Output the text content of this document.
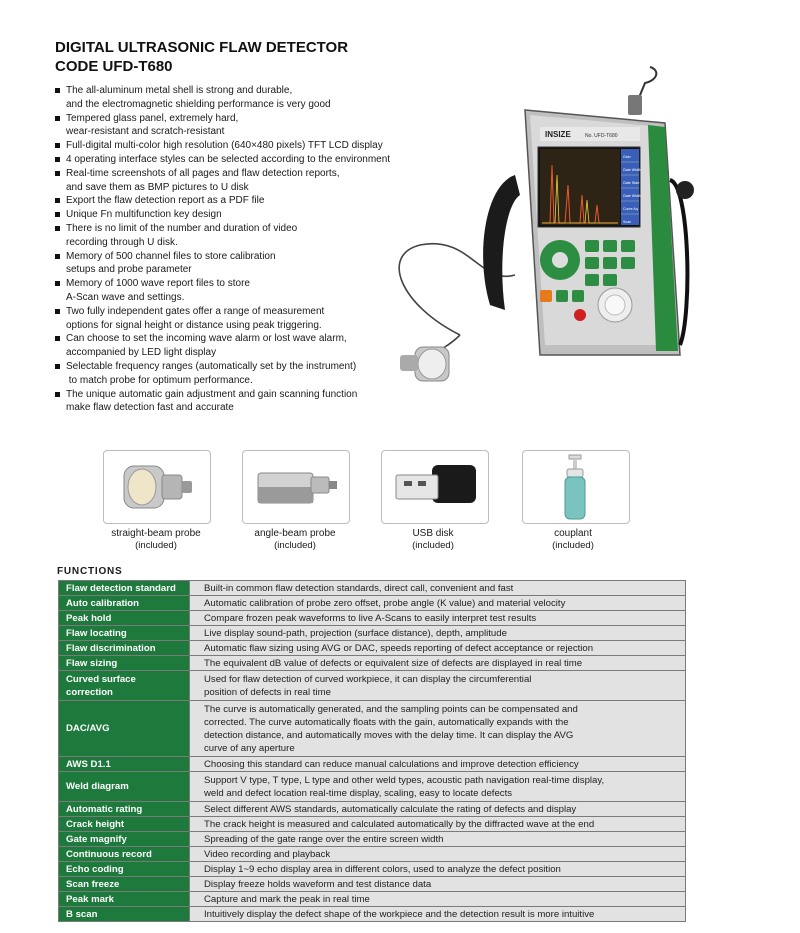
DIGITAL ULTRASONIC FLAW DETECTOR
CODE UFD-T680
The all-aluminum metal shell is strong and durable,
and the electromagnetic shielding performance is very good
Tempered glass panel, extremely hard,
wear-resistant and scratch-resistant
Full-digital multi-color high resolution (640×480 pixels) TFT LCD display
4 operating interface styles can be selected according to the environment
Real-time screenshots of all pages and flaw detection reports,
and save them as BMP pictures to U disk
Export the flaw detection report as a PDF file
Unique Fn multifunction key design
There is no limit of the number and duration of video
recording through U disk.
Memory of 500 channel files to store calibration
setups and probe parameter
Memory of 1000 wave report files to store
A-Scan wave and settings.
Two fully independent gates offer a range of measurement
options for signal height or distance using peak triggering.
Can choose to set the incoming wave alarm or lost wave alarm,
accompanied by LED light display
Selectable frequency ranges (automatically set by the instrument)
to match probe for optimum performance.
The unique automatic gain adjustment and gain scanning function
make flaw detection fast and accurate
INSIZE	No. UFD-T680
Gain
Gate Width
Gate Start
Gate Width
Curve Aq
Scan
straight-beam probe
(included)
angle-beam probe
(included)
USB disk
(included)
couplant
(included)
FUNCTIONS
Flaw detection standard	Built-in common flaw detection standards, direct call, convenient and fast

Auto calibration	Automatic calibration of probe zero offset, probe angle (K value) and material velocity

Peak hold	Compare frozen peak waveforms to live A-Scans to easily interpret test results

Flaw locating	Live display sound-path, projection (surface distance), depth, amplitude

Flaw discrimination	Automatic flaw sizing using AVG or DAC, speeds reporting of defect acceptance or rejection

Flaw sizing	The equivalent dB value of defects or equivalent size of defects are displayed in real time

Curved surface correction	Used for flaw detection of curved workpiece, it can display the circumferential
position of defects in real time

DAC/AVG	The curve is automatically generated, and the sampling points can be compensated and
corrected. The curve automatically floats with the gain, automatically expands with the
detection distance, and automatically moves with the delay time. It can display the AVG
curve of any aperture

AWS D1.1	Choosing this standard can reduce manual calculations and improve detection efficiency

Weld diagram	Support V type, T type, L type and other weld types, acoustic path navigation real-time display,
weld and defect location real-time display, scaling, easy to locate defects

Automatic rating	Select different AWS standards, automatically calculate the rating of defects and display

Crack height	The crack height is measured and calculated automatically by the diffracted wave at the end

Gate magnify	Spreading of the gate range over the entire screen width

Continuous record	Video recording and playback

Echo coding	Display 1~9 echo display area in different colors, used to analyze the defect position

Scan freeze	Display freeze holds waveform and test distance data

Peak mark	Capture and mark the peak in real time

B scan	Intuitively display the defect shape of the workpiece and the detection result is more intuitive
